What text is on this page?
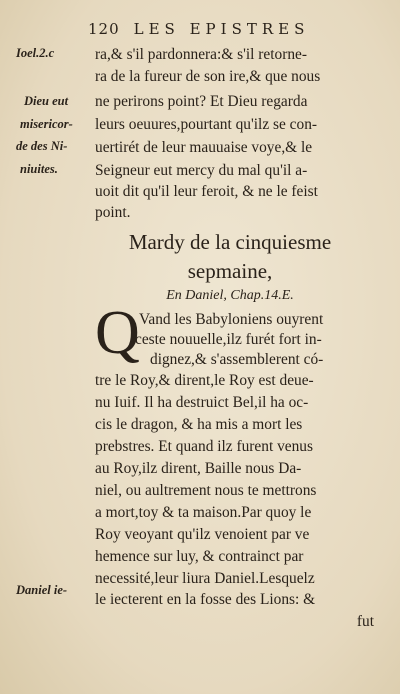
120 LES EPISTRES
Ioel.2.c
Dieu eut
misericor-
de des Ni-
niuites.
Daniel ie-
ra,& s'il pardonnera:& s'il retorne-
ra de la fureur de son ire,& que nous
ne perirons point? Et Dieu regarda
leurs oeuures,pourtant qu'ilz se con-
uertirét de leur mauuaise voye,& le
Seigneur eut mercy du mal qu'il a-
uoit dit qu'il leur feroit, & ne le feist
point.
Mardy de la cinquiesme
sepmaine,
En Daniel, Chap.14.E.
Q Vand les Babyloniens ouyrent
ceste nouuelle,ilz furét fort in-
dignez,& s'assemblerent có-
tre le Roy,& dirent,le Roy est deue-
nu Iuif. Il ha destruict Bel,il ha oc-
cis le dragon, & ha mis a mort les
prebstres. Et quand ilz furent venus
au Roy,ilz dirent, Baille nous Da-
niel, ou aultrement nous te mettrons
a mort,toy & ta maison.Par quoy le
Roy veoyant qu'ilz venoient par ve
hemence sur luy, & contrainct par
necessité,leur liura Daniel.Lesquelz
le iecterent en la fosse des Lions: &
fut
